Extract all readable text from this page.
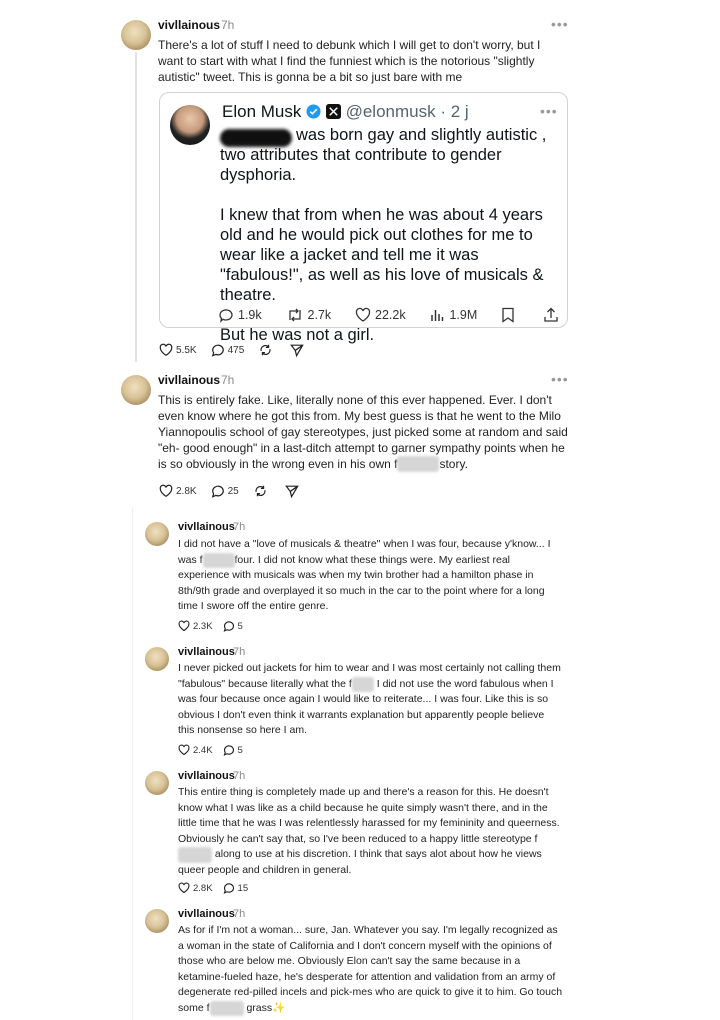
vivllainous 7h	•••
There's a lot of stuff I need to debunk which I will get to don't worry, but I want to start with what I find the funniest which is the notorious "slightly autistic" tweet. This is gonna be a bit so just bare with me
Elon Musk	@elonmusk · 2 j	•••
was born gay and slightly autistic , two attributes that contribute to gender dysphoria.

I knew that from when he was about 4 years old and he would pick out clothes for me to wear like a jacket and tell me it was "fabulous!", as well as his love of musicals & theatre.

But he was not a girl.
1.9k	2.7k	22.2k	1.9M
5.5K	475
vivllainous 7h	•••
This is entirely fake. Like, literally none of this ever happened. Ever. I don't even know where he got this from. My best guess is that he went to the Milo Yiannopoulis school of gay stereotypes, just picked some at random and said "eh- good enough" in a last-ditch attempt to garner sympathy points when he is so obviously in the wrong even in his own f	story.
2.8K	25
vivllainous
7h
I did not have a "love of musicals & theatre" when I was four, because y'know... I was f	four. I did not know what these things were. My earliest real experience with musicals was when my twin brother had a hamilton phase in 8th/9th grade and overplayed it so much in the car to the point where for a long time I swore off the entire genre.
2.3K	5
vivllainous
7h
I never picked out jackets for him to wear and I was most certainly not calling them "fabulous" because literally what the f I did not use the word fabulous when I was four because once again I would like to reiterate... I was four. Like this is so obvious I don't even think it warrants explanation but apparently people believe this nonsense so here I am.
2.4K	5
vivllainous
7h
This entire thing is completely made up and there's a reason for this. He doesn't know what I was like as a child because he quite simply wasn't there, and in the little time that he was I was relentlessly harassed for my femininity and queerness. Obviously he can't say that, so I've been reduced to a happy little stereotype f along to use at his discretion. I think that says alot about how he views queer people and children in general.
2.8K	15
vivllainous
7h
As for if I'm not a woman... sure, Jan. Whatever you say. I'm legally recognized as a woman in the state of California and I don't concern myself with the opinions of those who are below me. Obviously Elon can't say the same because in a ketamine-fueled haze, he's desperate for attention and validation from an army of degenerate red-pilled incels and pick-mes who are quick to give it to him. Go touch some f	grass✨
